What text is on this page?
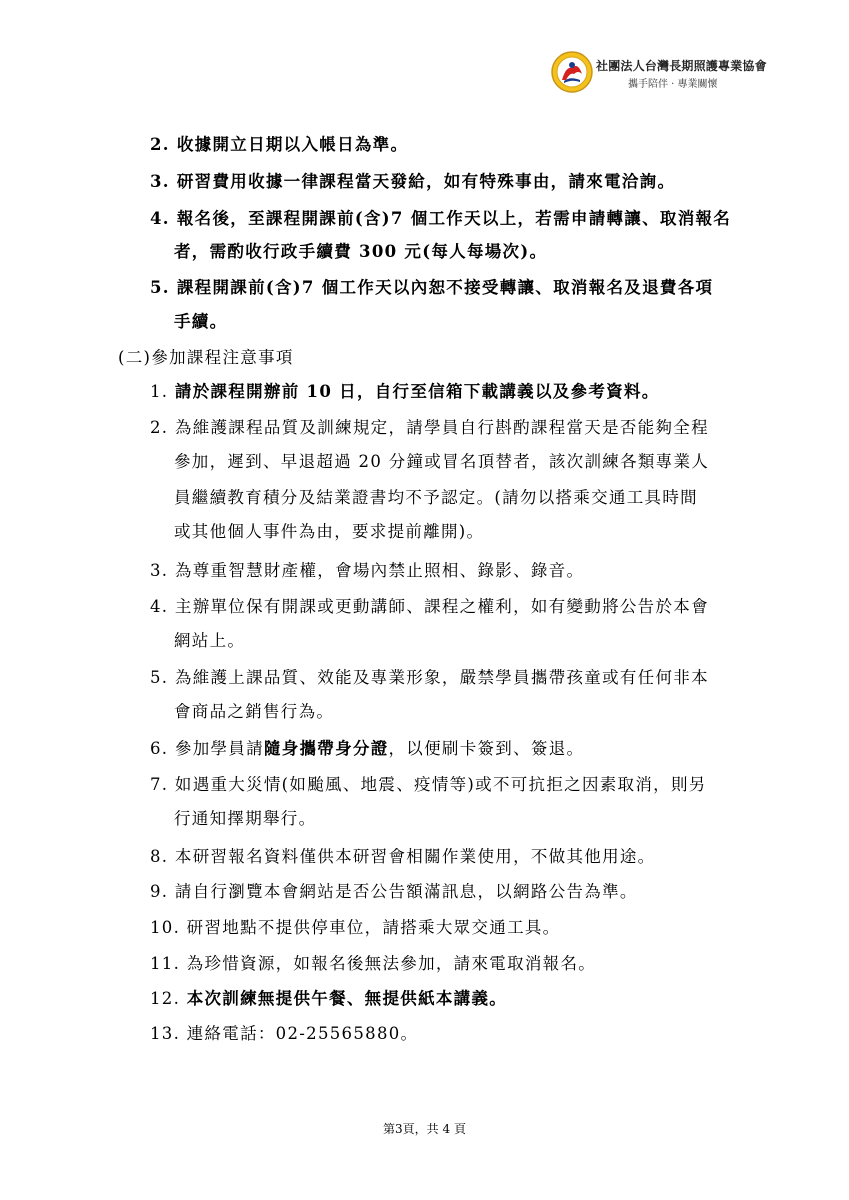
社團法人台灣長期照護專業協會
攜手陪伴 · 專業關懷
2. 收據開立日期以入帳日為準。
3. 研習費用收據一律課程當天發給，如有特殊事由，請來電洽詢。
4. 報名後，至課程開課前(含)7 個工作天以上，若需申請轉讓、取消報名
者，需酌收行政手續費 300 元(每人每場次)。
5. 課程開課前(含)7 個工作天以內恕不接受轉讓、取消報名及退費各項
手續。
(二)參加課程注意事項
1. 請於課程開辦前 10 日，自行至信箱下載講義以及參考資料。
2. 為維護課程品質及訓練規定，請學員自行斟酌課程當天是否能夠全程
參加，遲到、早退超過 20 分鐘或冒名頂替者，該次訓練各類專業人
員繼續教育積分及結業證書均不予認定。(請勿以搭乘交通工具時間
或其他個人事件為由，要求提前離開)。
3. 為尊重智慧財產權，會場內禁止照相、錄影、錄音。
4. 主辦單位保有開課或更動講師、課程之權利，如有變動將公告於本會
網站上。
5. 為維護上課品質、效能及專業形象，嚴禁學員攜帶孩童或有任何非本
會商品之銷售行為。
6. 參加學員請隨身攜帶身分證，以便刷卡簽到、簽退。
7. 如遇重大災情(如颱風、地震、疫情等)或不可抗拒之因素取消，則另
行通知擇期舉行。
8. 本研習報名資料僅供本研習會相關作業使用，不做其他用途。
9. 請自行瀏覽本會網站是否公告額滿訊息，以網路公告為準。
10. 研習地點不提供停車位，請搭乘大眾交通工具。
11. 為珍惜資源，如報名後無法參加，請來電取消報名。
12. 本次訓練無提供午餐、無提供紙本講義。
13. 連絡電話：02-25565880。
第3頁，共 4 頁
